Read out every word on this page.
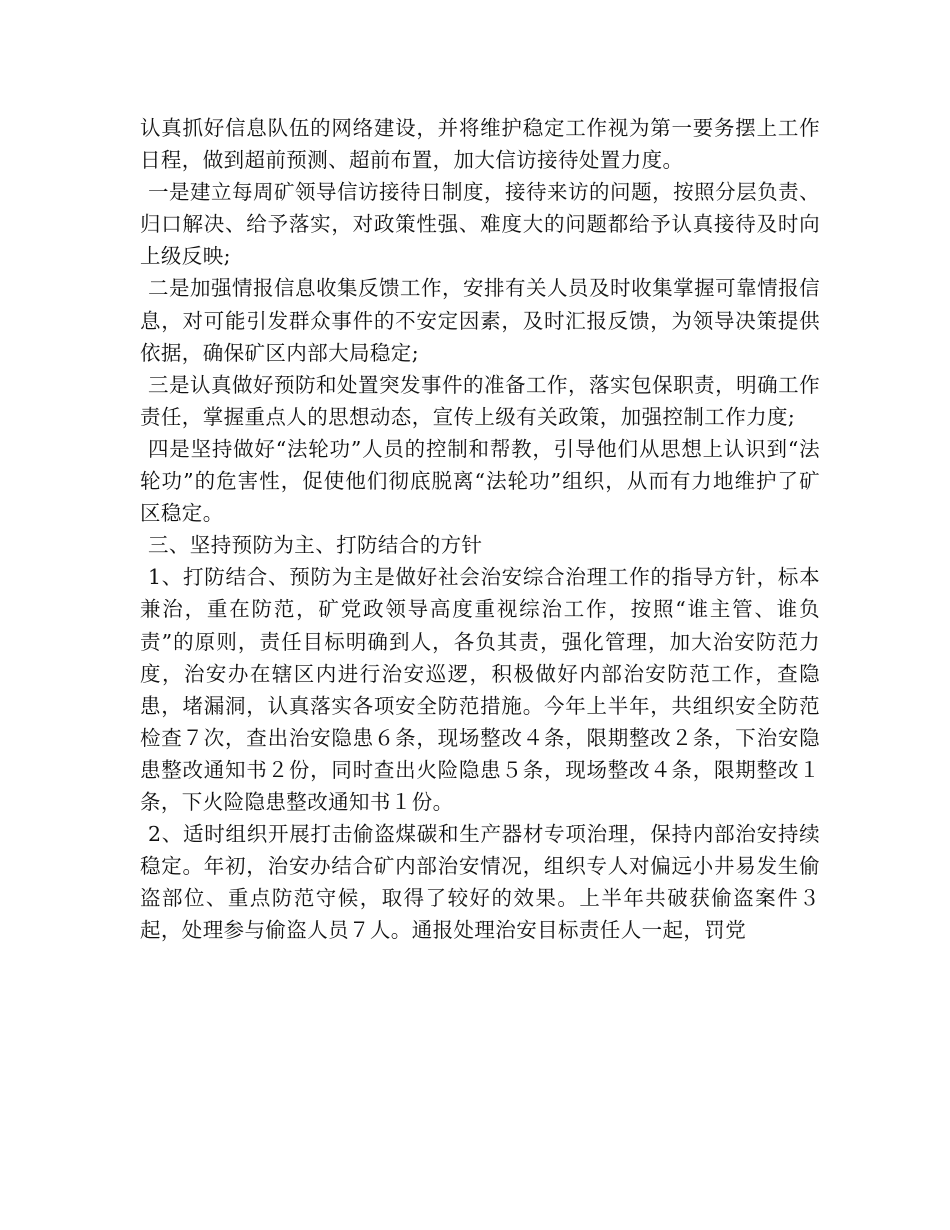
认真抓好信息队伍的网络建设，并将维护稳定工作视为第一要务摆上工作日程，做到超前预测、超前布置，加大信访接待处置力度。

一是建立每周矿领导信访接待日制度，接待来访的问题，按照分层负责、归口解决、给予落实，对政策性强、难度大的问题都给予认真接待及时向上级反映;

二是加强情报信息收集反馈工作，安排有关人员及时收集掌握可靠情报信息，对可能引发群众事件的不安定因素，及时汇报反馈，为领导决策提供依据，确保矿区内部大局稳定;

三是认真做好预防和处置突发事件的准备工作，落实包保职责，明确工作责任，掌握重点人的思想动态，宣传上级有关政策，加强控制工作力度;

四是坚持做好“法轮功”人员的控制和帮教，引导他们从思想上认识到“法轮功”的危害性，促使他们彻底脱离“法轮功”组织，从而有力地维护了矿区稳定。

三、坚持预防为主、打防结合的方针

1、打防结合、预防为主是做好社会治安综合治理工作的指导方针，标本兼治，重在防范，矿党政领导高度重视综治工作，按照“谁主管、谁负责”的原则，责任目标明确到人，各负其责，强化管理，加大治安防范力度，治安办在辖区内进行治安巡逻，积极做好内部治安防范工作，查隐患，堵漏洞，认真落实各项安全防范措施。今年上半年，共组织安全防范检查７次，查出治安隐患６条，现场整改４条，限期整改２条，下治安隐患整改通知书２份，同时查出火险隐患５条，现场整改４条，限期整改１条，下火险隐患整改通知书１份。

2、适时组织开展打击偷盗煤碳和生产器材专项治理，保持内部治安持续稳定。年初，治安办结合矿内部治安情况，组织专人对偏远小井易发生偷盗部位、重点防范守候，取得了较好的效果。上半年共破获偷盗案件３起，处理参与偷盗人员７人。通报处理治安目标责任人一起，罚党
